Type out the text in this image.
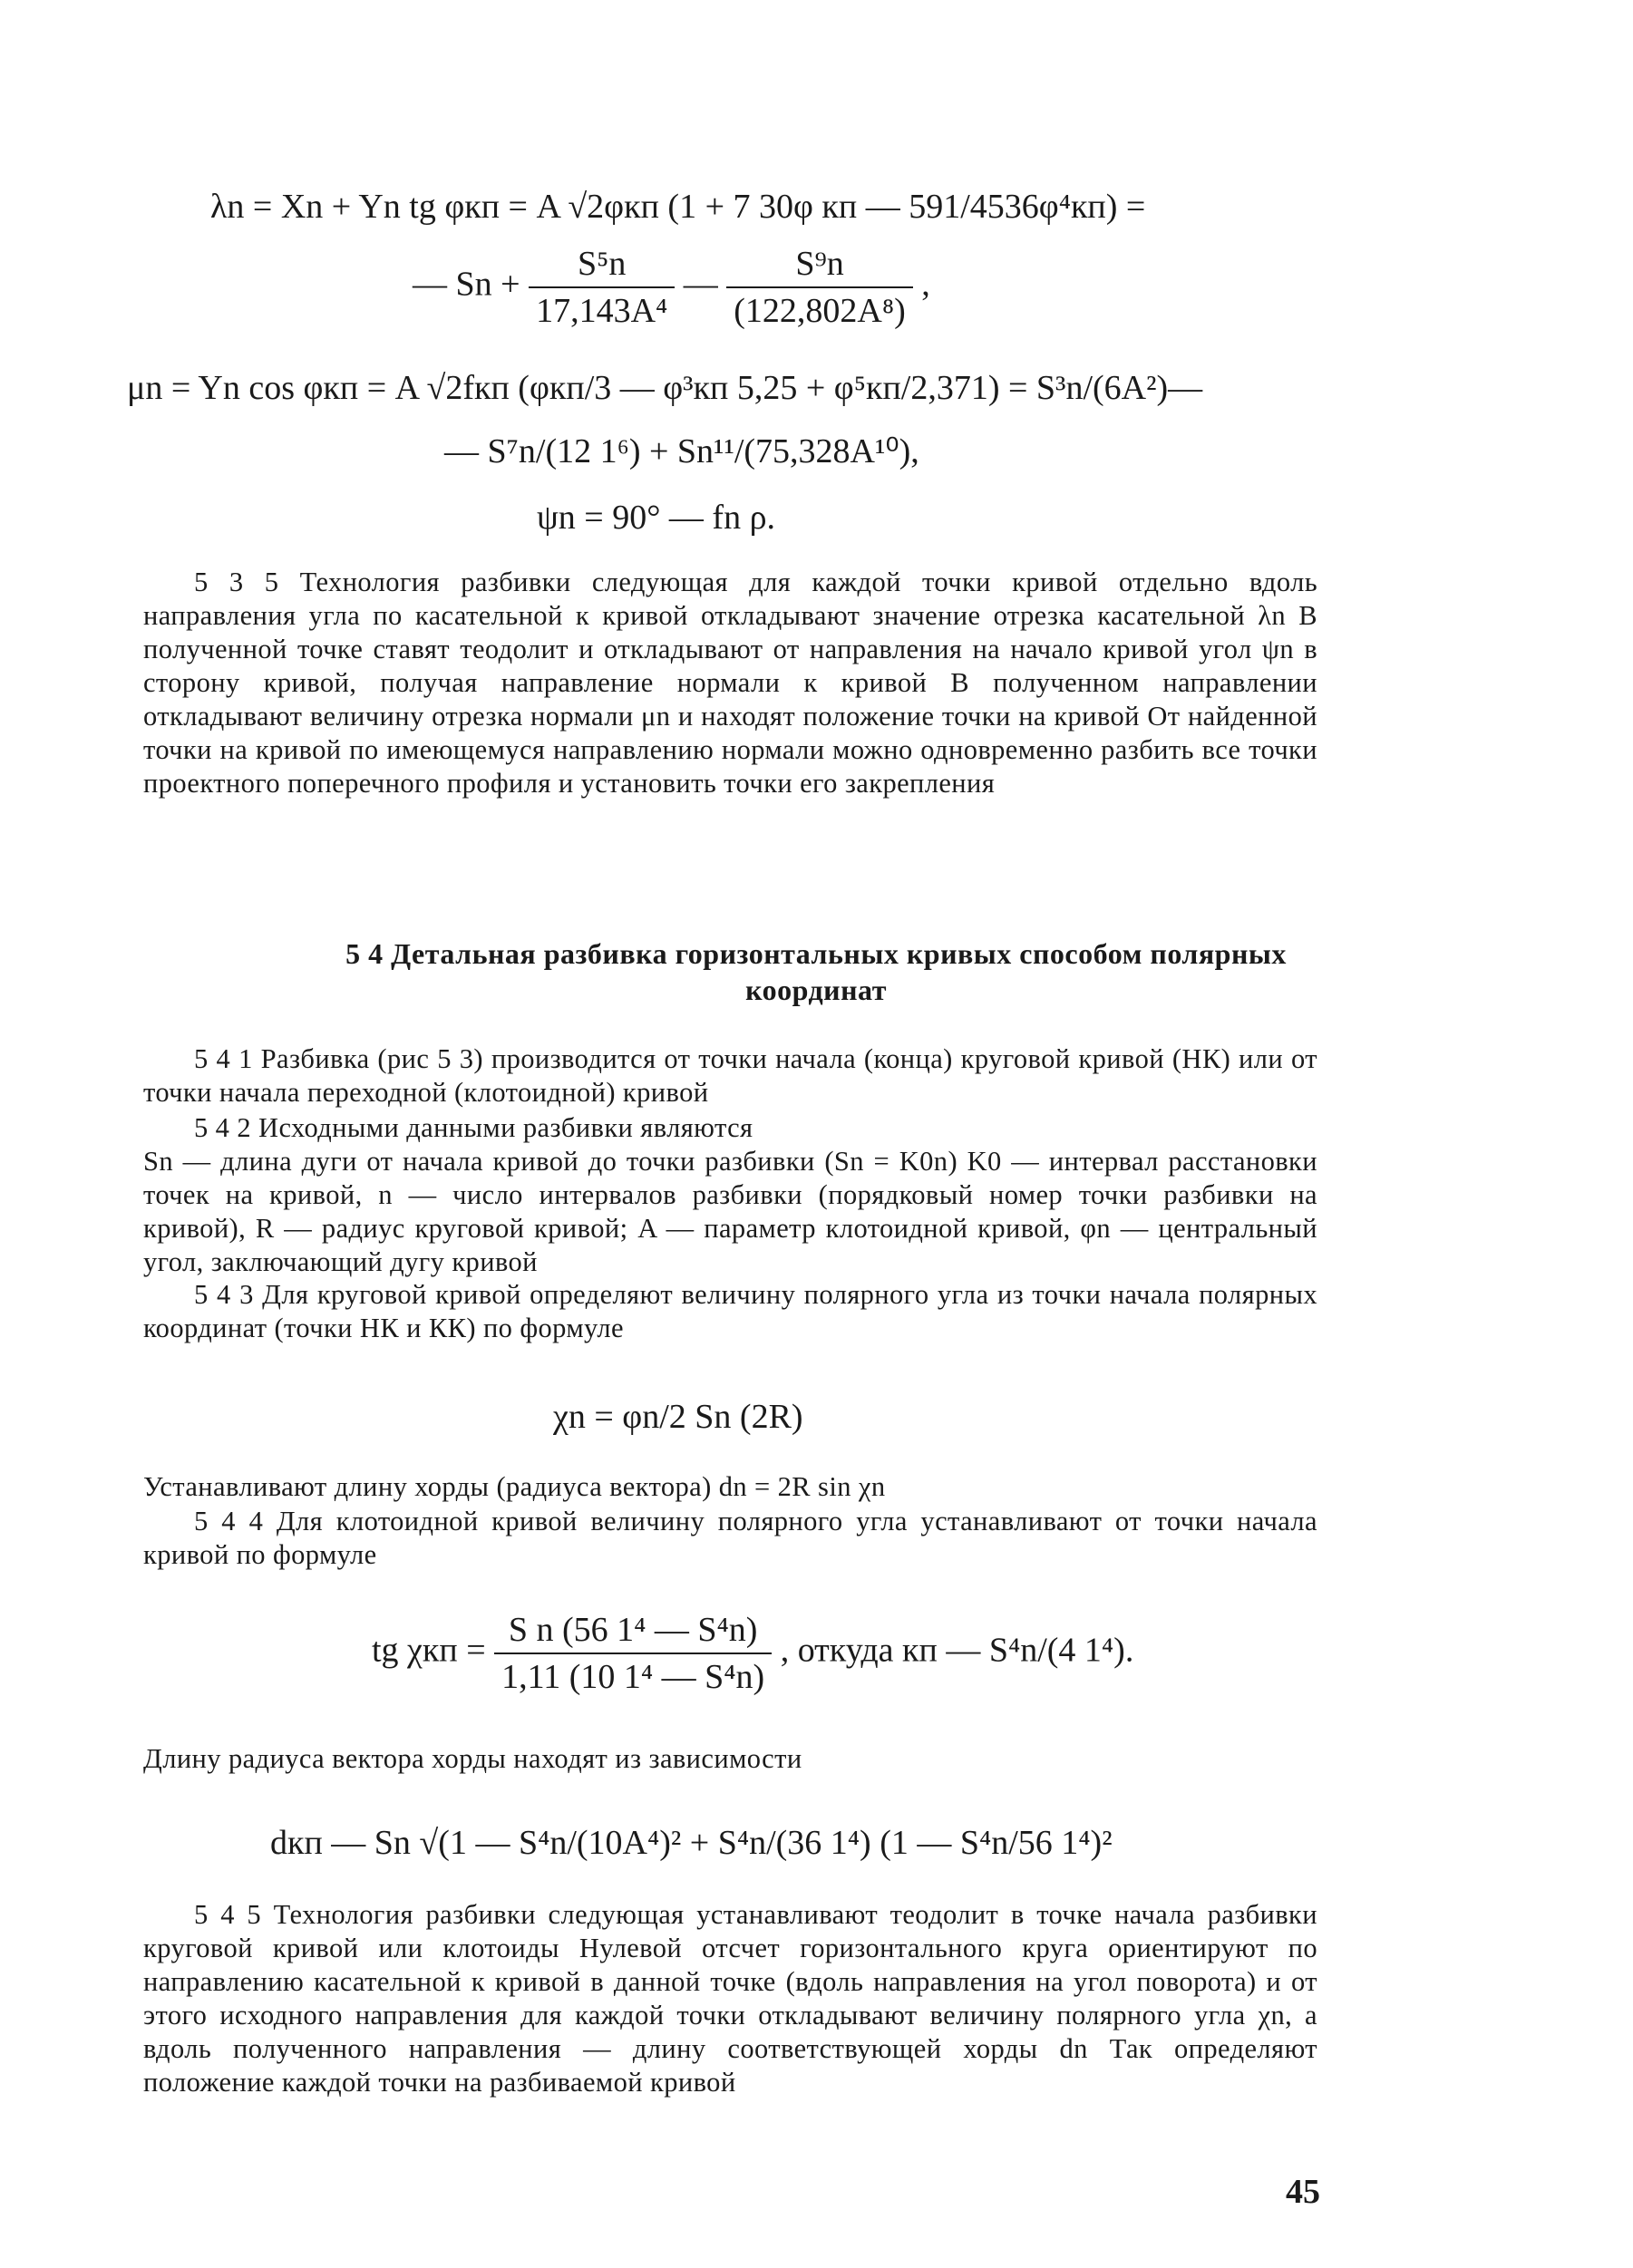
λn = Xn + Yn tg φкп = A √2φкп (1 + 7 30φ кп — 591/4536φ⁴кп) =
— $Sn + \frac{\text{S⁵n}}{\text{17,143A⁴}}$ — $\frac{\text{S⁹n}}{\text{(122,802A⁸)}}$ ,
μn = Yn cos φкп = A √2fкп (φкп/3 — φ³кп 5,25 + φ⁵кп/2,371) = S³n/(6A²)—
— S⁷n/(12 1⁶) + Sn¹¹/(75,328A¹⁰),
ψn = 90° — fn ρ.
5 3 5 Технология разбивки следующая для каждой точки кривой отдельно вдоль направления угла по касательной к кривой откладывают значение отрезка касательной λn В полученной точке ставят теодолит и откладывают от направления на начало кривой угол ψn в сторону кривой, получая направление нормали к кривой В полученном направлении откладывают величину отрезка нормали μn и находят положение точки на кривой От найденной точки на кривой по имеющемуся направлению нормали можно одновременно разбить все точки проектного поперечного профиля и установить точки его закрепления
5 4 Детальная разбивка горизонтальных кривых способом полярных координат
5 4 1 Разбивка (рис 5 3) производится от точки начала (конца) круговой кривой (НК) или от точки начала переходной (клотоидной) кривой
5 4 2 Исходными данными разбивки являются
Sn — длина дуги от начала кривой до точки разбивки (Sn = K0n) K0 — интервал расстановки точек на кривой, n — число интервалов разбивки (порядковый номер точки разбивки на кривой), R — радиус круговой кривой; A — параметр клотоидной кривой, φn — центральный угол, заключающий дугу кривой
5 4 3 Для круговой кривой определяют величину полярного угла из точки начала полярных координат (точки НК и КК) по формуле
χn = φn/2 Sn (2R)
Устанавливают длину хорды (радиуса вектора) dn = 2R sin χn
5 4 4 Для клотоидной кривой величину полярного угла устанавливают от точки начала кривой по формуле
tg $\chi кп = \frac{\text{S n (56 1⁴ — S⁴n)}}{\text{1,11 (10 1⁴ — S⁴n)}}$ , откуда кп — S⁴n/(4 1⁴).
Длину радиуса вектора хорды находят из зависимости
dкп — Sn √(1 — S⁴n/(10A⁴)² + S⁴n/(36 1⁴) (1 — S⁴n/56 1⁴)²
5 4 5 Технология разбивки следующая устанавливают теодолит в точке начала разбивки круговой кривой или клотоиды Нулевой отсчет горизонтального круга ориентируют по направлению касательной к кривой в данной точке (вдоль направления на угол поворота) и от этого исходного направления для каждой точки откладывают величину полярного угла χn, а вдоль полученного направления — длину соответствующей хорды dn Так определяют положение каждой точки на разбиваемой кривой
45
